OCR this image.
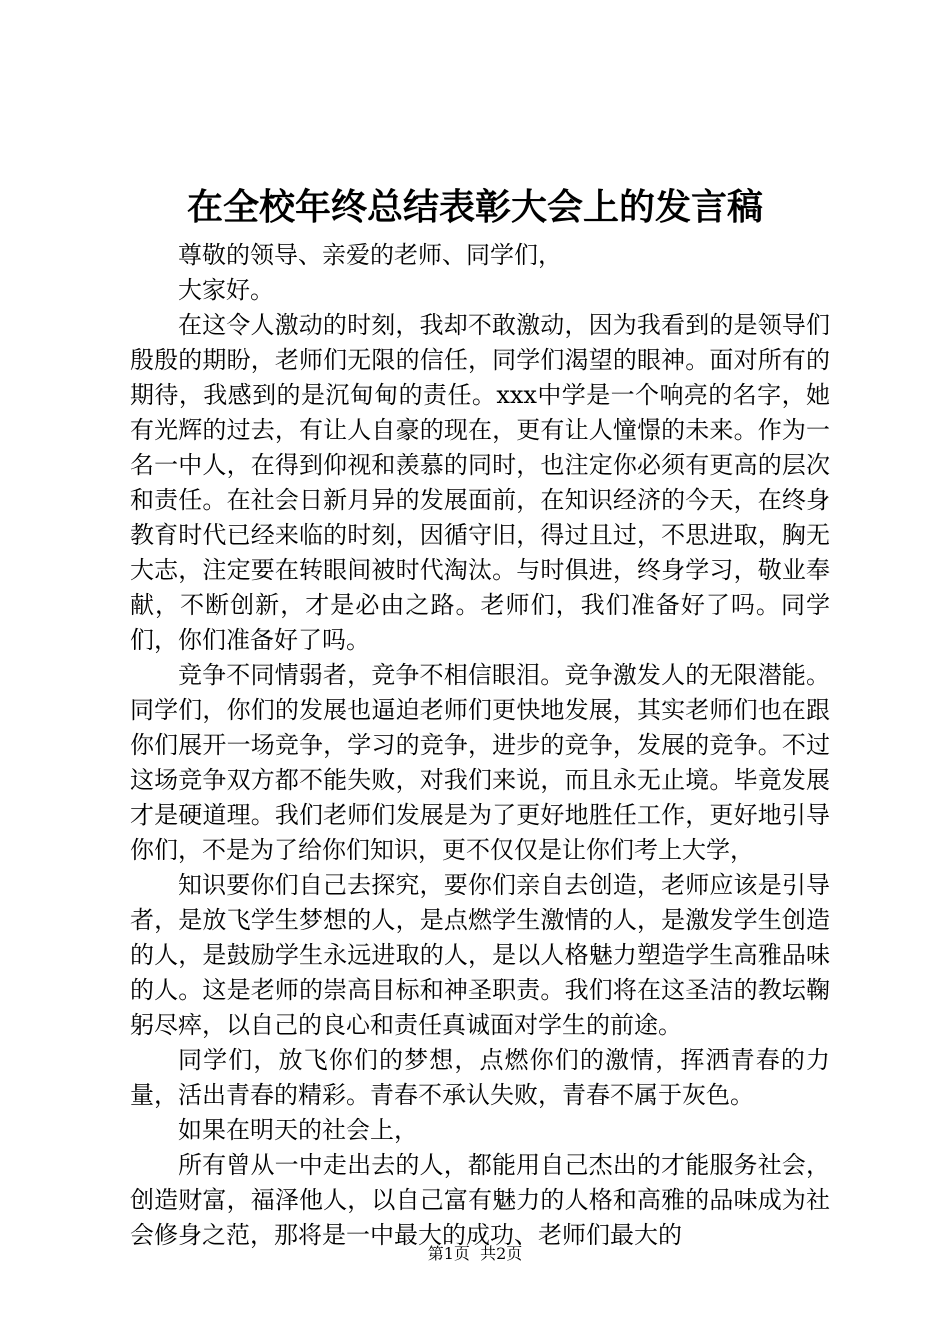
在全校年终总结表彰大会上的发言稿

尊敬的领导、亲爱的老师、同学们，

大家好。

在这令人激动的时刻，我却不敢激动，因为我看到的是领导们殷殷的期盼，老师们无限的信任，同学们渴望的眼神。面对所有的期待，我感到的是沉甸甸的责任。xxx中学是一个响亮的名字，她有光辉的过去，有让人自豪的现在，更有让人憧憬的未来。作为一名一中人，在得到仰视和羡慕的同时，也注定你必须有更高的层次和责任。在社会日新月异的发展面前，在知识经济的今天，在终身教育时代已经来临的时刻，因循守旧，得过且过，不思进取，胸无大志，注定要在转眼间被时代淘汰。与时俱进，终身学习，敬业奉献，不断创新，才是必由之路。老师们，我们准备好了吗。同学们，你们准备好了吗。

竞争不同情弱者，竞争不相信眼泪。竞争激发人的无限潜能。同学们，你们的发展也逼迫老师们更快地发展，其实老师们也在跟你们展开一场竞争，学习的竞争，进步的竞争，发展的竞争。不过这场竞争双方都不能失败，对我们来说，而且永无止境。毕竟发展才是硬道理。我们老师们发展是为了更好地胜任工作，更好地引导你们，不是为了给你们知识，更不仅仅是让你们考上大学，

知识要你们自己去探究，要你们亲自去创造，老师应该是引导者，是放飞学生梦想的人，是点燃学生激情的人，是激发学生创造的人，是鼓励学生永远进取的人，是以人格魅力塑造学生高雅品味的人。这是老师的崇高目标和神圣职责。我们将在这圣洁的教坛鞠躬尽瘁，以自己的良心和责任真诚面对学生的前途。

同学们，放飞你们的梦想，点燃你们的激情，挥洒青春的力量，活出青春的精彩。青春不承认失败，青春不属于灰色。

如果在明天的社会上，

所有曾从一中走出去的人，都能用自己杰出的才能服务社会，创造财富，福泽他人，以自己富有魅力的人格和高雅的品味成为社会修身之范，那将是一中最大的成功、老师们最大的

第1页  共2页
